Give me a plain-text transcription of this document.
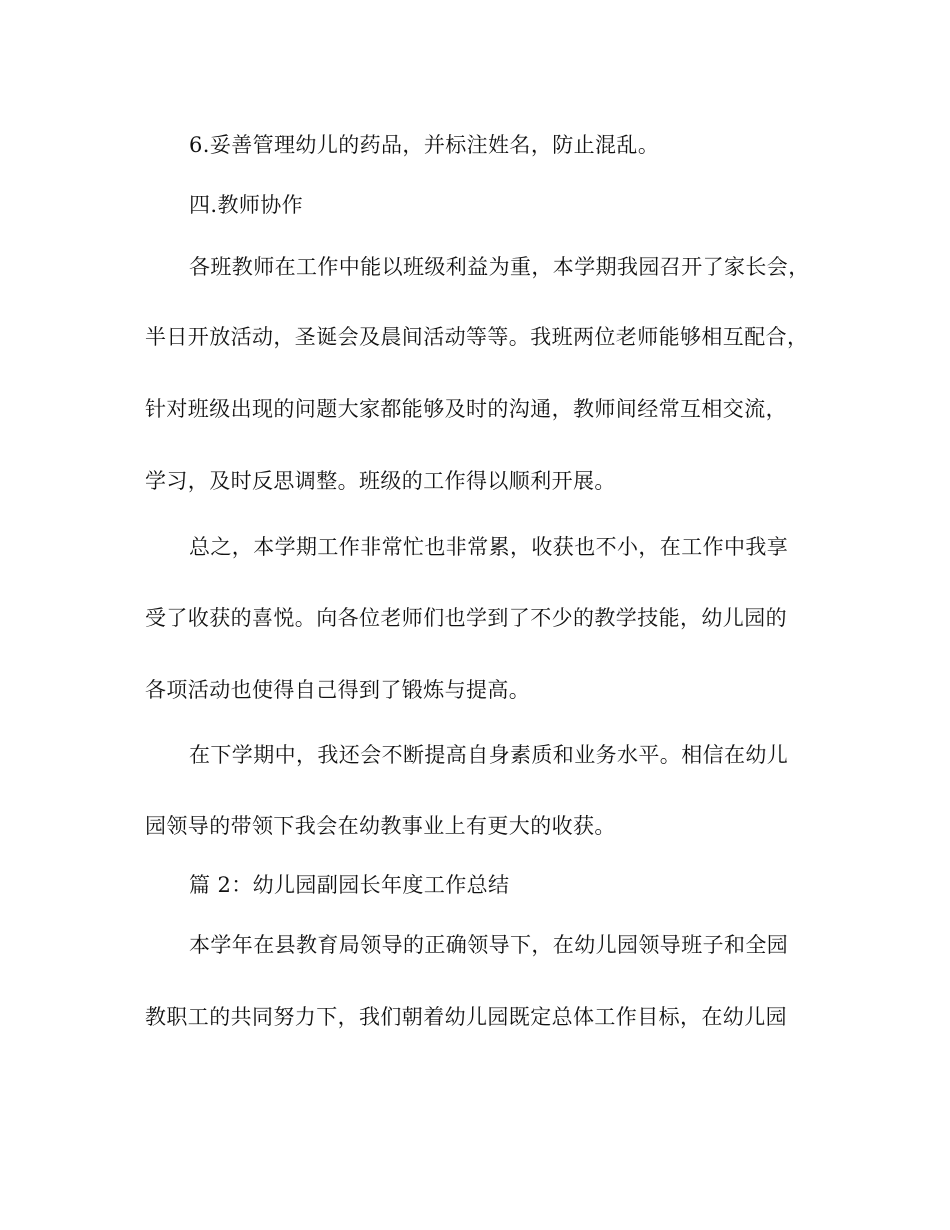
6.妥善管理幼儿的药品，并标注姓名，防止混乱。
四.教师协作
各班教师在工作中能以班级利益为重，本学期我园召开了家长会，
半日开放活动，圣诞会及晨间活动等等。我班两位老师能够相互配合，
针对班级出现的问题大家都能够及时的沟通，教师间经常互相交流，
学习，及时反思调整。班级的工作得以顺利开展。
总之，本学期工作非常忙也非常累，收获也不小，在工作中我享
受了收获的喜悦。向各位老师们也学到了不少的教学技能，幼儿园的
各项活动也使得自己得到了锻炼与提高。
在下学期中，我还会不断提高自身素质和业务水平。相信在幼儿
园领导的带领下我会在幼教事业上有更大的收获。
篇 2：幼儿园副园长年度工作总结
本学年在县教育局领导的正确领导下，在幼儿园领导班子和全园
教职工的共同努力下，我们朝着幼儿园既定总体工作目标，在幼儿园
